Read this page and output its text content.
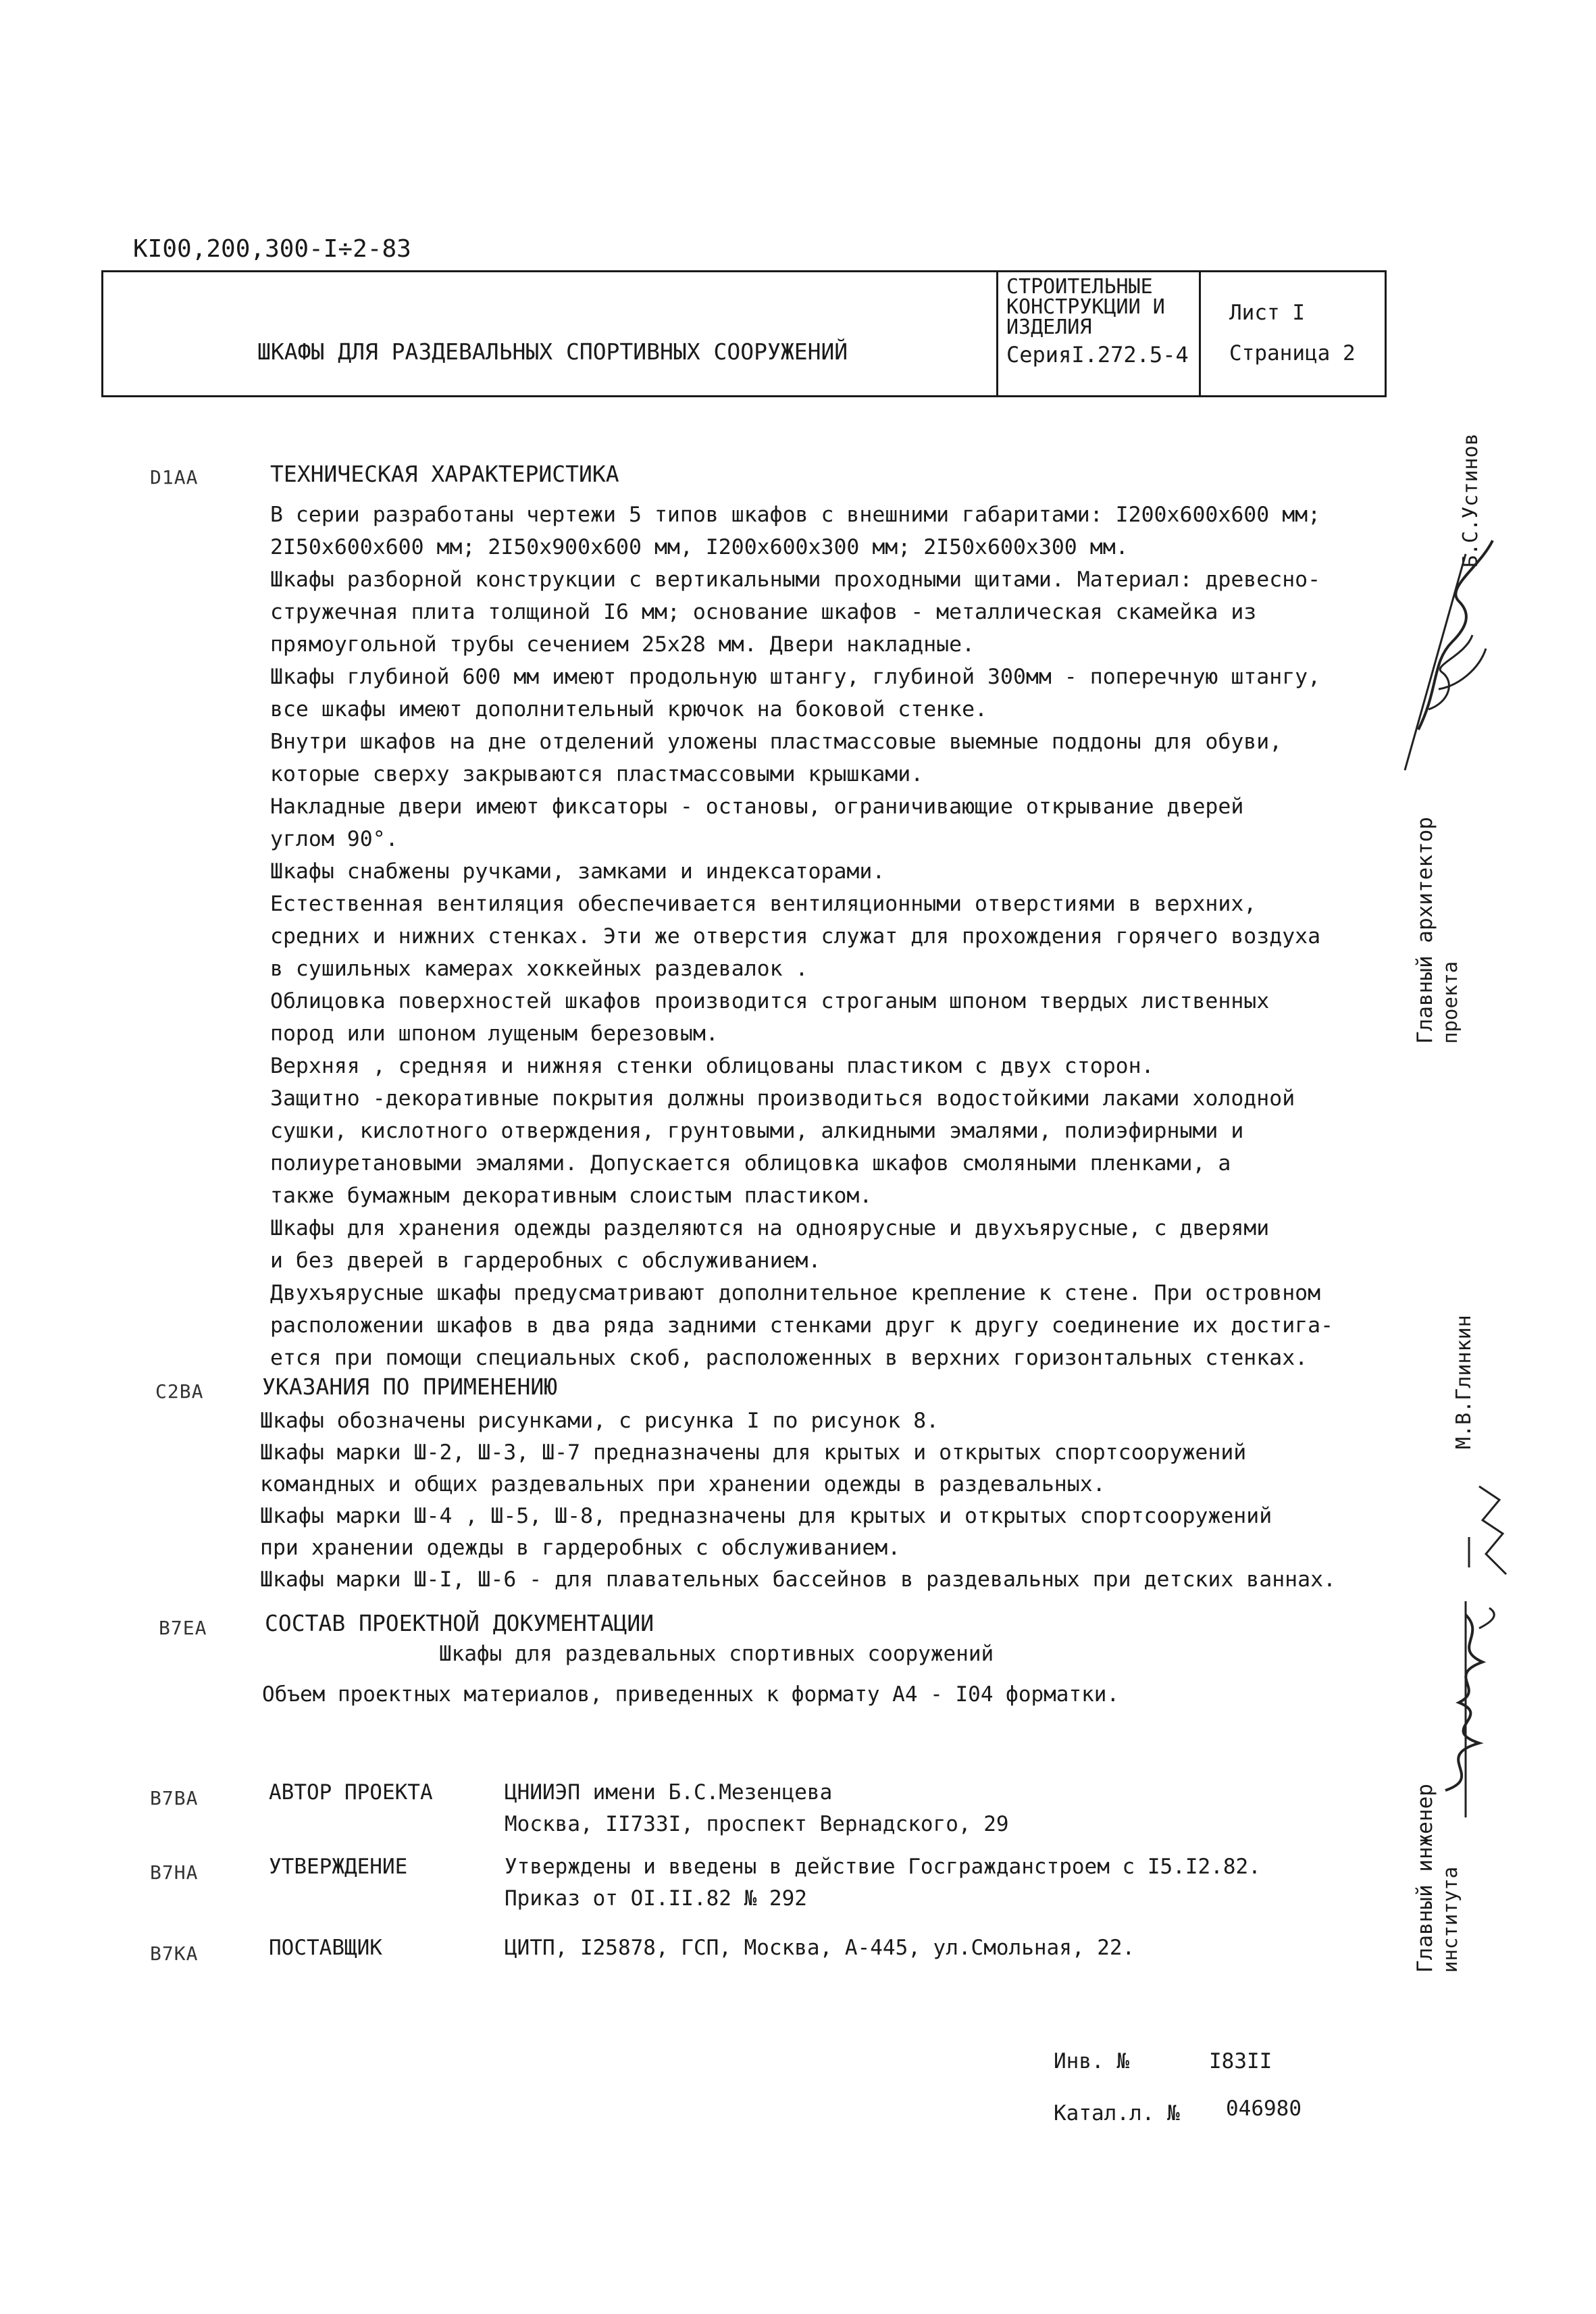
КI00,200,300-I÷2-83
ШКАФЫ ДЛЯ РАЗДЕВАЛЬНЫХ СПОРТИВНЫХ СООРУЖЕНИЙ
СТРОИТЕЛЬНЫЕ
КОНСТРУКЦИИ И
ИЗДЕЛИЯ
СерияI.272.5-4
Лист I
Страница 2
D1AA	ТЕХНИЧЕСКАЯ ХАРАКТЕРИСТИКА
В серии разработаны чертежи 5 типов шкафов с внешними габаритами: I200x600x600 мм;
2I50x600x600 мм; 2I50x900x600 мм, I200x600x300 мм; 2I50x600x300 мм.
Шкафы разборной конструкции с вертикальными проходными щитами. Материал: древесно-
стружечная плита толщиной I6 мм; основание шкафов - металлическая скамейка из
прямоугольной трубы сечением 25x28 мм. Двери накладные.
Шкафы глубиной 600 мм имеют продольную штангу, глубиной 300мм - поперечную штангу,
все шкафы имеют дополнительный крючок на боковой стенке.
Внутри шкафов на дне отделений уложены пластмассовые выемные поддоны для обуви,
которые сверху закрываются пластмассовыми крышками.
Накладные двери имеют фиксаторы - остановы, ограничивающие открывание дверей
углом 90°.
Шкафы снабжены ручками, замками и индексаторами.
Естественная вентиляция обеспечивается вентиляционными отверстиями в верхних,
средних и нижних стенках. Эти же отверстия служат для прохождения горячего воздуха
в сушильных камерах хоккейных раздевалок .
Облицовка поверхностей шкафов производится строганым шпоном твердых лиственных
пород или шпоном лущеным березовым.
Верхняя , средняя и нижняя стенки облицованы пластиком с двух сторон.
Защитно -декоративные покрытия должны производиться водостойкими лаками холодной
сушки, кислотного отверждения, грунтовыми, алкидными эмалями, полиэфирными и
полиуретановыми эмалями. Допускается облицовка шкафов смоляными пленками, а
также бумажным декоративным слоистым пластиком.
Шкафы для хранения одежды разделяются на одноярусные и двухъярусные, с дверями
и без дверей в гардеробных с обслуживанием.
Двухъярусные шкафы предусматривают дополнительное крепление к стене. При островном
расположении шкафов в два ряда задними стенками друг к другу соединение их достига-
ется при помощи специальных скоб, расположенных в верхних горизонтальных стенках.
C2BA	УКАЗАНИЯ ПО ПРИМЕНЕНИЮ
Шкафы обозначены рисунками, с рисунка I по рисунок 8.
Шкафы марки Ш-2, Ш-3, Ш-7 предназначены для крытых и открытых спортсооружений
командных и общих раздевальных при хранении одежды в раздевальных.
Шкафы марки Ш-4 , Ш-5, Ш-8, предназначены для крытых и открытых спортсооружений
при хранении одежды в гардеробных с обслуживанием.
Шкафы марки Ш-I, Ш-6 - для плавательных бассейнов в раздевальных при детских ваннах.
B7ЕА	СОСТАВ ПРОЕКТНОЙ ДОКУМЕНТАЦИИ
Шкафы для раздевальных спортивных сооружений
Объем проектных материалов, приведенных к формату А4 - I04 форматки.
B7BA	АВТОР ПРОЕКТА	ЦНИИЭП имени Б.С.Мезенцева
Москва, II733I, проспект Вернадского, 29
B7HA	УТВЕРЖДЕНИЕ	Утверждены и введены в действие Госгражданстроем с I5.I2.82.
Приказ от OI.II.82 № 292
B7КА	ПОСТАВЩИК	ЦИТП, I25878, ГСП, Москва, А-445, ул.Смольная, 22.
Инв. №	I83II
Катал.л. № 046980
Главный архитектор проекта
Б.С.Устинов
М.В.Глинкин
Главный инженер института
